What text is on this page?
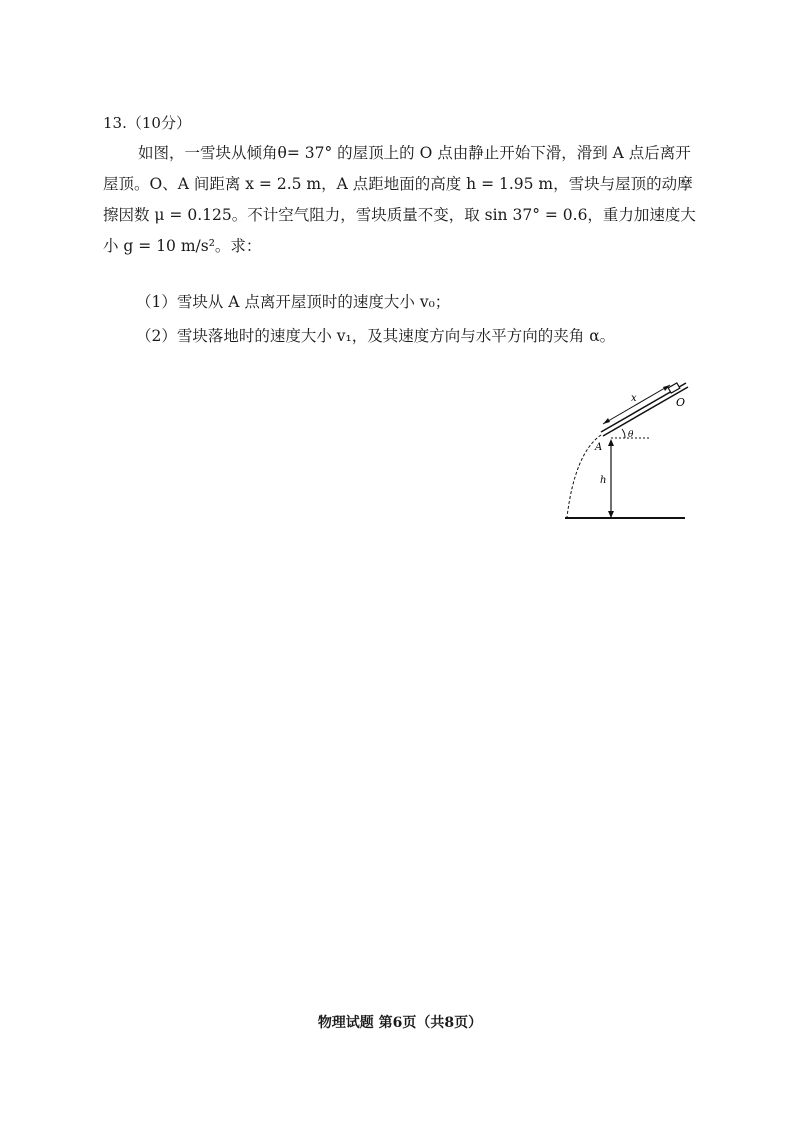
13.（10分）
如图，一雪块从倾角θ= 37° 的屋顶上的 O 点由静止开始下滑，滑到 A 点后离开屋顶。O、A 间距离 x = 2.5 m，A 点距地面的高度 h = 1.95 m，雪块与屋顶的动摩擦因数 μ = 0.125。不计空气阻力，雪块质量不变，取 sin 37° = 0.6，重力加速度大小 g = 10 m/s²。求：
（1）雪块从 A 点离开屋顶时的速度大小 v₀；
（2）雪块落地时的速度大小 v₁，及其速度方向与水平方向的夹角 α。
x	O
θ
A
h
物理试题 第6页（共8页）
